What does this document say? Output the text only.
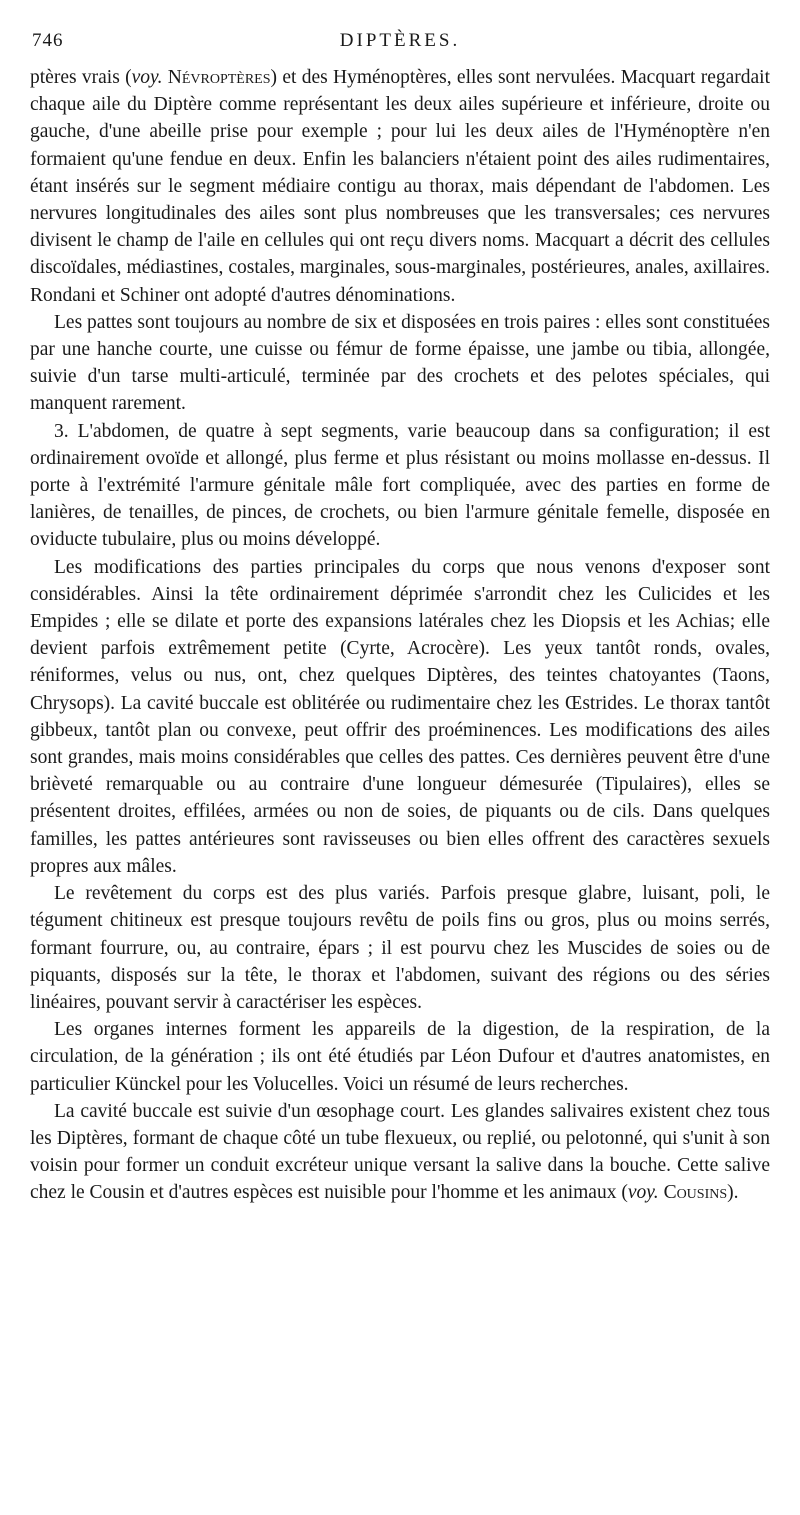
746	DIPTÈRES.

ptères vrais (voy. Névroptères) et des Hyménoptères, elles sont nervulées. Macquart regardait chaque aile du Diptère comme représentant les deux ailes supérieure et inférieure, droite ou gauche, d'une abeille prise pour exemple ; pour lui les deux ailes de l'Hyménoptère n'en formaient qu'une fendue en deux. Enfin les balanciers n'étaient point des ailes rudimentaires, étant insérés sur le segment médiaire contigu au thorax, mais dépendant de l'abdomen. Les nervures longitudinales des ailes sont plus nombreuses que les transversales; ces nervures divisent le champ de l'aile en cellules qui ont reçu divers noms. Macquart a décrit des cellules discoïdales, médiastines, costales, marginales, sous-marginales, postérieures, anales, axillaires. Rondani et Schiner ont adopté d'autres dénominations.

Les pattes sont toujours au nombre de six et disposées en trois paires : elles sont constituées par une hanche courte, une cuisse ou fémur de forme épaisse, une jambe ou tibia, allongée, suivie d'un tarse multi-articulé, terminée par des crochets et des pelotes spéciales, qui manquent rarement.

3. L'abdomen, de quatre à sept segments, varie beaucoup dans sa configuration; il est ordinairement ovoïde et allongé, plus ferme et plus résistant ou moins mollasse en-dessus. Il porte à l'extrémité l'armure génitale mâle fort compliquée, avec des parties en forme de lanières, de tenailles, de pinces, de crochets, ou bien l'armure génitale femelle, disposée en oviducte tubulaire, plus ou moins développé.

Les modifications des parties principales du corps que nous venons d'exposer sont considérables. Ainsi la tête ordinairement déprimée s'arrondit chez les Culicides et les Empides ; elle se dilate et porte des expansions latérales chez les Diopsis et les Achias; elle devient parfois extrêmement petite (Cyrte, Acrocère). Les yeux tantôt ronds, ovales, réniformes, velus ou nus, ont, chez quelques Diptères, des teintes chatoyantes (Taons, Chrysops). La cavité buccale est oblitérée ou rudimentaire chez les Œstrides. Le thorax tantôt gibbeux, tantôt plan ou convexe, peut offrir des proéminences. Les modifications des ailes sont grandes, mais moins considérables que celles des pattes. Ces dernières peuvent être d'une brièveté remarquable ou au contraire d'une longueur démesurée (Tipulaires), elles se présentent droites, effilées, armées ou non de soies, de piquants ou de cils. Dans quelques familles, les pattes antérieures sont ravisseuses ou bien elles offrent des caractères sexuels propres aux mâles.

Le revêtement du corps est des plus variés. Parfois presque glabre, luisant, poli, le tégument chitineux est presque toujours revêtu de poils fins ou gros, plus ou moins serrés, formant fourrure, ou, au contraire, épars ; il est pourvu chez les Muscides de soies ou de piquants, disposés sur la tête, le thorax et l'abdomen, suivant des régions ou des séries linéaires, pouvant servir à caractériser les espèces.

Les organes internes forment les appareils de la digestion, de la respiration, de la circulation, de la génération ; ils ont été étudiés par Léon Dufour et d'autres anatomistes, en particulier Künckel pour les Volucelles. Voici un résumé de leurs recherches.

La cavité buccale est suivie d'un œsophage court. Les glandes salivaires existent chez tous les Diptères, formant de chaque côté un tube flexueux, ou replié, ou pelotonné, qui s'unit à son voisin pour former un conduit excréteur unique versant la salive dans la bouche. Cette salive chez le Cousin et d'autres espèces est nuisible pour l'homme et les animaux (voy. Cousins).
